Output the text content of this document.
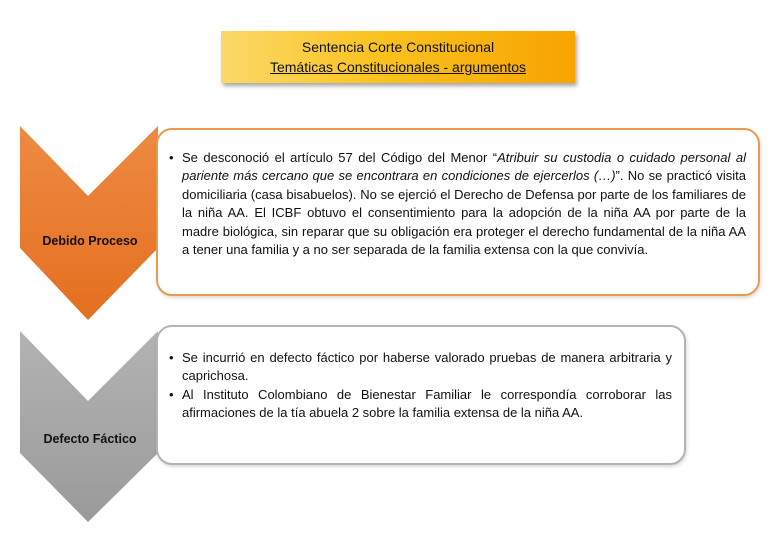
Sentencia Corte Constitucional
Temáticas Constitucionales - argumentos
Debido Proceso
• Se desconoció el artículo 57 del Código del Menor “Atribuir su custodia o cuidado personal al pariente más cercano que se encontrara en condiciones de ejercerlos (…)”. No se practicó visita domiciliaria (casa bisabuelos). No se ejerció el Derecho de Defensa por parte de los familiares de la niña AA. El ICBF obtuvo el consentimiento para la adopción de la niña AA por parte de la madre biológica, sin reparar que su obligación era proteger el derecho fundamental de la niña AA a tener una familia y a no ser separada de la familia extensa con la que convivía.
Defecto Fáctico
• Se incurrió en defecto fáctico por haberse valorado pruebas de manera arbitraria y caprichosa.
• Al Instituto Colombiano de Bienestar Familiar le correspondía corroborar las afirmaciones de la tía abuela 2 sobre la familia extensa de la niña AA.
